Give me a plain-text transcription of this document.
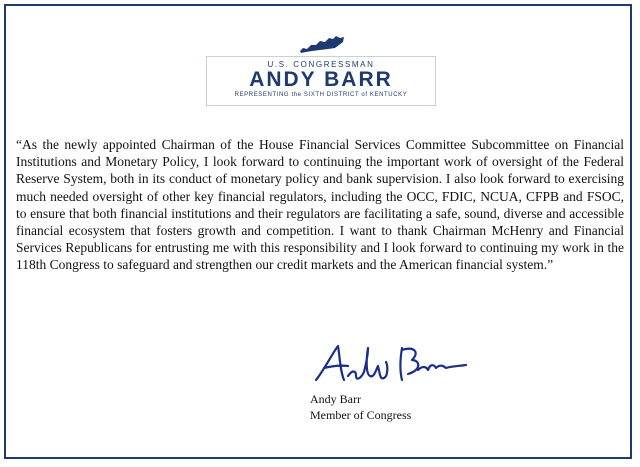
U.S. CONGRESSMAN
ANDY BARR
REPRESENTING the SIXTH DISTRICT of KENTUCKY

“As the newly appointed Chairman of the House Financial Services Committee Subcommittee on Financial Institutions and Monetary Policy, I look forward to continuing the important work of oversight of the Federal Reserve System, both in its conduct of monetary policy and bank supervision. I also look forward to exercising much needed oversight of other key financial regulators, including the OCC, FDIC, NCUA, CFPB and FSOC, to ensure that both financial institutions and their regulators are facilitating a safe, sound, diverse and accessible financial ecosystem that fosters growth and competition. I want to thank Chairman McHenry and Financial Services Republicans for entrusting me with this responsibility and I look forward to continuing my work in the 118th Congress to safeguard and strengthen our credit markets and the American financial system.”

Andy Barr
Member of Congress
